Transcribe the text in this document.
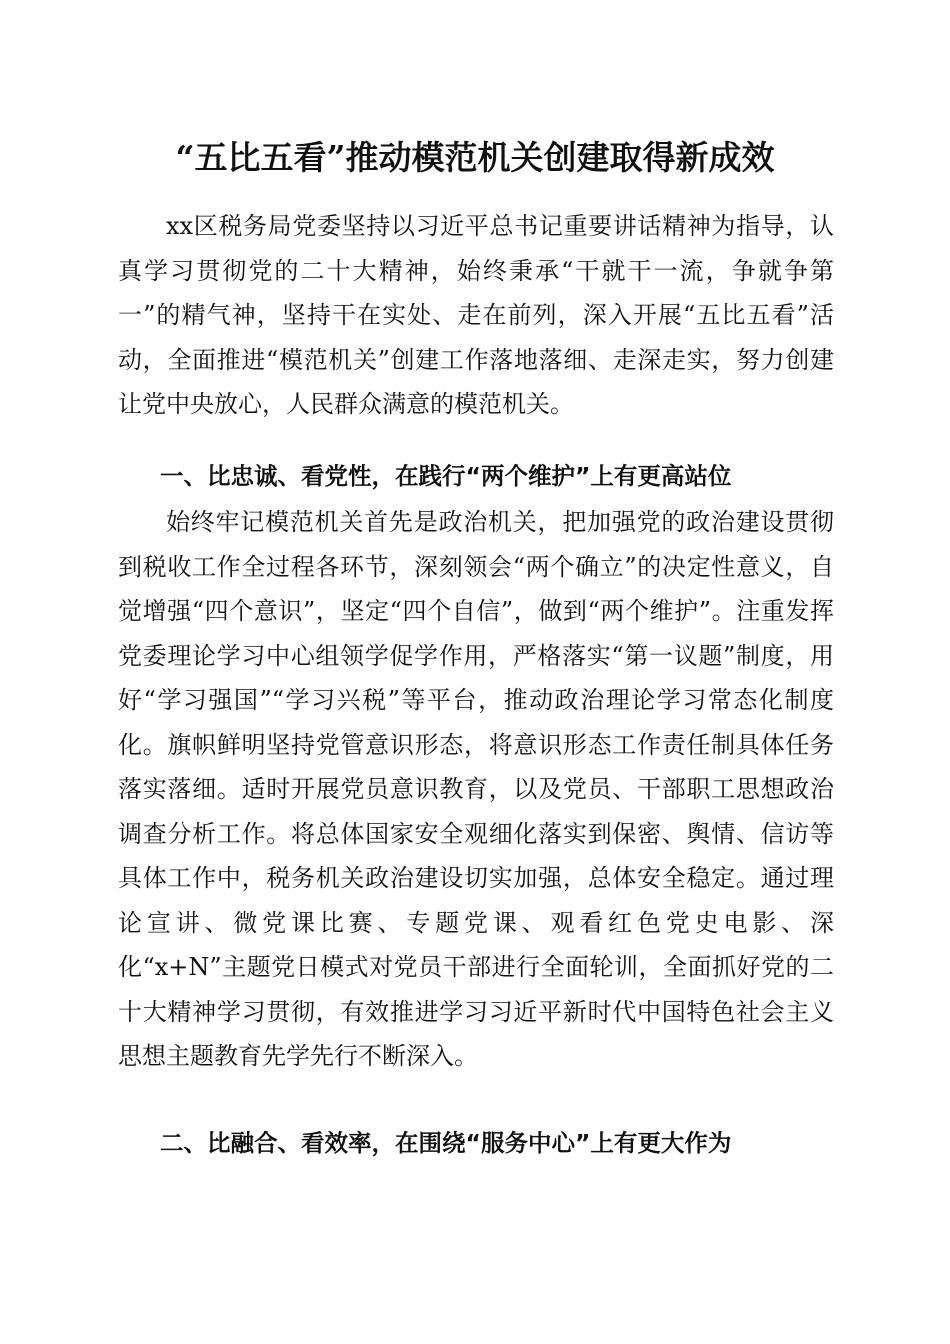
“五比五看”推动模范机关创建取得新成效

xx区税务局党委坚持以习近平总书记重要讲话精神为指导，认真学习贯彻党的二十大精神，始终秉承“干就干一流，争就争第一”的精气神，坚持干在实处、走在前列，深入开展“五比五看”活动，全面推进“模范机关”创建工作落地落细、走深走实，努力创建让党中央放心，人民群众满意的模范机关。

一、比忠诚、看党性，在践行“两个维护”上有更高站位

始终牢记模范机关首先是政治机关，把加强党的政治建设贯彻到税收工作全过程各环节，深刻领会“两个确立”的决定性意义，自觉增强“四个意识”，坚定“四个自信”，做到“两个维护”。注重发挥党委理论学习中心组领学促学作用，严格落实“第一议题”制度，用好“学习强国”“学习兴税”等平台，推动政治理论学习常态化制度化。旗帜鲜明坚持党管意识形态，将意识形态工作责任制具体任务落实落细。适时开展党员意识教育，以及党员、干部职工思想政治调查分析工作。将总体国家安全观细化落实到保密、舆情、信访等具体工作中，税务机关政治建设切实加强，总体安全稳定。通过理论宣讲、微党课比赛、专题党课、观看红色党史电影、深化“x+N”主题党日模式对党员干部进行全面轮训，全面抓好党的二十大精神学习贯彻，有效推进学习习近平新时代中国特色社会主义思想主题教育先学先行不断深入。

二、比融合、看效率，在围绕“服务中心”上有更大作为
